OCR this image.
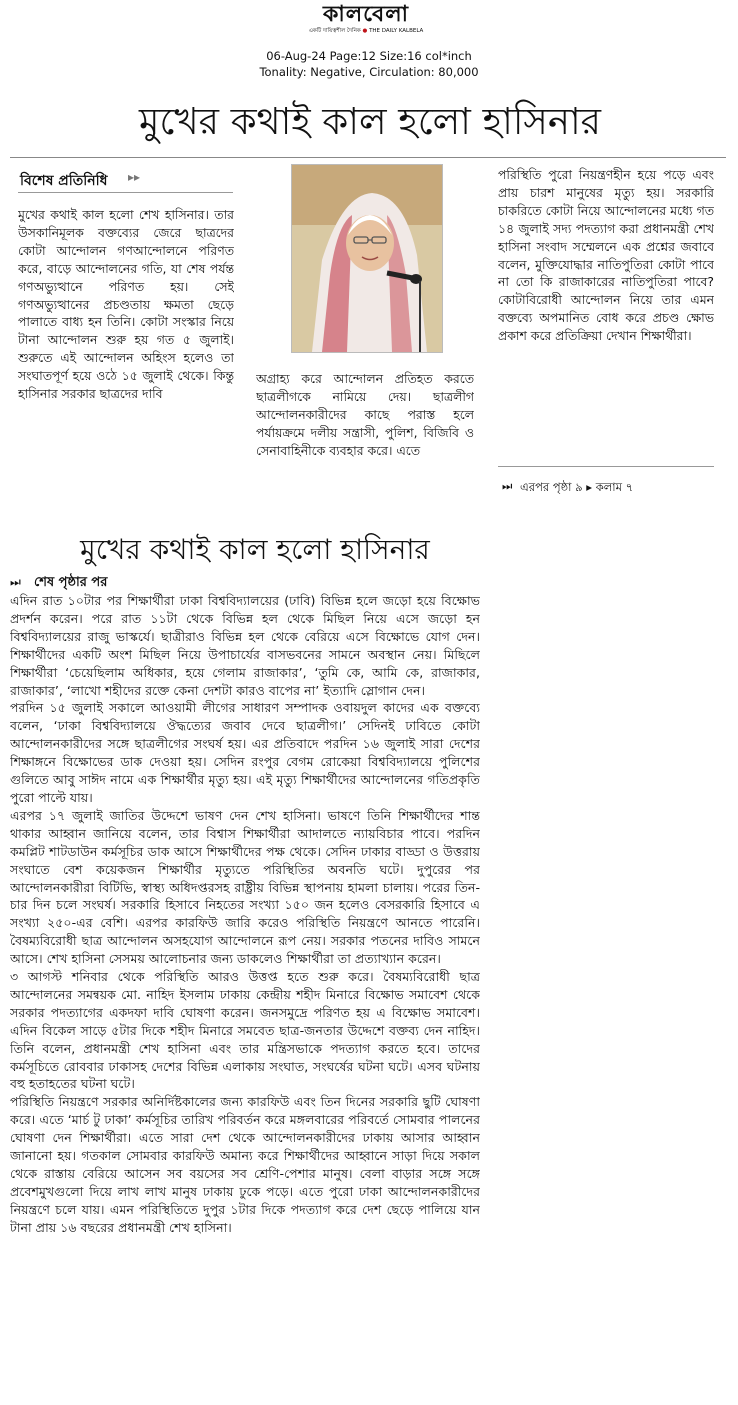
কালবেলা
একটি দায়িত্বশীল দৈনিক ● THE DAILY KALBELA
06-Aug-24 Page:12 Size:16 col*inch
Tonality: Negative, Circulation: 80,000
মুখের কথাই কাল হলো হাসিনার
বিশেষ প্রতিনিধি ▸▸
মুখের কথাই কাল হলো শেখ হাসিনার। তার উসকানিমূলক বক্তব্যের জেরে ছাত্রদের কোটা আন্দোলন গণআন্দোলনে পরিণত করে, বাড়ে আন্দোলনের গতি, যা শেষ পর্যন্ত গণঅভ্যুত্থানে পরিণত হয়। সেই গণঅভ্যুত্থানের প্রচণ্ডতায় ক্ষমতা ছেড়ে পালাতে বাধ্য হন তিনি। কোটা সংস্কার নিয়ে টানা আন্দোলন শুরু হয় গত ৫ জুলাই। শুরুতে এই আন্দোলন অহিংস হলেও তা সংঘাতপূর্ণ হয়ে ওঠে ১৫ জুলাই থেকে। কিন্তু হাসিনার সরকার ছাত্রদের দাবি
অগ্রাহ্য করে আন্দোলন প্রতিহত করতে ছাত্রলীগকে নামিয়ে দেয়। ছাত্রলীগ আন্দোলনকারীদের কাছে পরাস্ত হলে পর্যায়ক্রমে দলীয় সন্ত্রাসী, পুলিশ, বিজিবি ও সেনাবাহিনীকে ব্যবহার করে। এতে
পরিস্থিতি পুরো নিয়ন্ত্রণহীন হয়ে পড়ে এবং প্রায় চারশ মানুষের মৃত্যু হয়। সরকারি চাকরিতে কোটা নিয়ে আন্দোলনের মধ্যে গত ১৪ জুলাই সদ্য পদত্যাগ করা প্রধানমন্ত্রী শেখ হাসিনা সংবাদ সম্মেলনে এক প্রশ্নের জবাবে বলেন, মুক্তিযোদ্ধার নাতিপুতিরা কোটা পাবে না তো কি রাজাকারের নাতিপুতিরা পাবে? কোটাবিরোধী আন্দোলন নিয়ে তার এমন বক্তব্যে অপমানিত বোধ করে প্রচণ্ড ক্ষোভ প্রকাশ করে প্রতিক্রিয়া দেখান শিক্ষার্থীরা।
⏭ এরপর পৃষ্ঠা ৯ ▸ কলাম ৭
মুখের কথাই কাল হলো হাসিনার
⏭ শেষ পৃষ্ঠার পর

এদিন রাত ১০টার পর শিক্ষার্থীরা ঢাকা বিশ্ববিদ্যালয়ের (ঢাবি) বিভিন্ন হলে জড়ো হয়ে বিক্ষোভ প্রদর্শন করেন। পরে রাত ১১টা থেকে বিভিন্ন হল থেকে মিছিল নিয়ে এসে জড়ো হন বিশ্ববিদ্যালয়ের রাজু ভাস্কর্যে। ছাত্রীরাও বিভিন্ন হল থেকে বেরিয়ে এসে বিক্ষোভে যোগ দেন। শিক্ষার্থীদের একটি অংশ মিছিল নিয়ে উপাচার্যের বাসভবনের সামনে অবস্থান নেয়। মিছিলে শিক্ষার্থীরা ‘চেয়েছিলাম অধিকার, হয়ে গেলাম রাজাকার’, ‘তুমি কে, আমি কে, রাজাকার, রাজাকার’, ‘লাখো শহীদের রক্তে কেনা দেশটা কারও বাপের না’ ইত্যাদি স্লোগান দেন।

পরদিন ১৫ জুলাই সকালে আওয়ামী লীগের সাধারণ সম্পাদক ওবায়দুল কাদের এক বক্তব্যে বলেন, ‘ঢাকা বিশ্ববিদ্যালয়ে ঔদ্ধত্যের জবাব দেবে ছাত্রলীগ।’ সেদিনই ঢাবিতে কোটা আন্দোলনকারীদের সঙ্গে ছাত্রলীগের সংঘর্ষ হয়। এর প্রতিবাদে পরদিন ১৬ জুলাই সারা দেশের শিক্ষাঙ্গনে বিক্ষোভের ডাক দেওয়া হয়। সেদিন রংপুর বেগম রোকেয়া বিশ্ববিদ্যালয়ে পুলিশের গুলিতে আবু সাঈদ নামে এক শিক্ষার্থীর মৃত্যু হয়। এই মৃত্যু শিক্ষার্থীদের আন্দোলনের গতিপ্রকৃতি পুরো পাল্টে যায়।

এরপর ১৭ জুলাই জাতির উদ্দেশে ভাষণ দেন শেখ হাসিনা। ভাষণে তিনি শিক্ষার্থীদের শান্ত থাকার আহ্বান জানিয়ে বলেন, তার বিশ্বাস শিক্ষার্থীরা আদালতে ন্যায়বিচার পাবে। পরদিন কমপ্লিট শাটডাউন কর্মসূচির ডাক আসে শিক্ষার্থীদের পক্ষ থেকে। সেদিন ঢাকার বাড্ডা ও উত্তরায় সংঘাতে বেশ কয়েকজন শিক্ষার্থীর মৃত্যুতে পরিস্থিতির অবনতি ঘটে। দুপুরের পর আন্দোলনকারীরা বিটিভি, স্বাস্থ্য অধিদপ্তরসহ রাষ্ট্রীয় বিভিন্ন স্থাপনায় হামলা চালায়। পরের তিন-চার দিন চলে সংঘর্ষ। সরকারি হিসাবে নিহতের সংখ্যা ১৫০ জন হলেও বেসরকারি হিসাবে এ সংখ্যা ২৫০-এর বেশি। এরপর কারফিউ জারি করেও পরিস্থিতি নিয়ন্ত্রণে আনতে পারেনি। বৈষম্যবিরোধী ছাত্র আন্দোলন অসহযোগ আন্দোলনে রূপ নেয়। সরকার পতনের দাবিও সামনে আসে। শেখ হাসিনা সেসময় আলোচনার জন্য ডাকলেও শিক্ষার্থীরা তা প্রত্যাখ্যান করেন।

৩ আগস্ট শনিবার থেকে পরিস্থিতি আরও উত্তপ্ত হতে শুরু করে। বৈষম্যবিরোধী ছাত্র আন্দোলনের সমন্বয়ক মো. নাহিদ ইসলাম ঢাকায় কেন্দ্রীয় শহীদ মিনারে বিক্ষোভ সমাবেশ থেকে সরকার পদত্যাগের একদফা দাবি ঘোষণা করেন। জনসমুদ্রে পরিণত হয় এ বিক্ষোভ সমাবেশ। এদিন বিকেল সাড়ে ৫টার দিকে শহীদ মিনারে সমবেত ছাত্র-জনতার উদ্দেশে বক্তব্য দেন নাহিদ। তিনি বলেন, প্রধানমন্ত্রী শেখ হাসিনা এবং তার মন্ত্রিসভাকে পদত্যাগ করতে হবে। তাদের কর্মসূচিতে রোববার ঢাকাসহ দেশের বিভিন্ন এলাকায় সংঘাত, সংঘর্ষের ঘটনা ঘটে। এসব ঘটনায় বহু হতাহতের ঘটনা ঘটে।

পরিস্থিতি নিয়ন্ত্রণে সরকার অনির্দিষ্টকালের জন্য কারফিউ এবং তিন দিনের সরকারি ছুটি ঘোষণা করে। এতে ‘মার্চ টু ঢাকা’ কর্মসূচির তারিখ পরিবর্তন করে মঙ্গলবারের পরিবর্তে সোমবার পালনের ঘোষণা দেন শিক্ষার্থীরা। এতে সারা দেশ থেকে আন্দোলনকারীদের ঢাকায় আসার আহ্বান জানানো হয়। গতকাল সোমবার কারফিউ অমান্য করে শিক্ষার্থীদের আহ্বানে সাড়া দিয়ে সকাল থেকে রাস্তায় বেরিয়ে আসেন সব বয়সের সব শ্রেণি-পেশার মানুষ। বেলা বাড়ার সঙ্গে সঙ্গে প্রবেশমুখগুলো দিয়ে লাখ লাখ মানুষ ঢাকায় ঢুকে পড়ে। এতে পুরো ঢাকা আন্দোলনকারীদের নিয়ন্ত্রণে চলে যায়। এমন পরিস্থিতিতে দুপুর ১টার দিকে পদত্যাগ করে দেশ ছেড়ে পালিয়ে যান টানা প্রায় ১৬ বছরের প্রধানমন্ত্রী শেখ হাসিনা।
